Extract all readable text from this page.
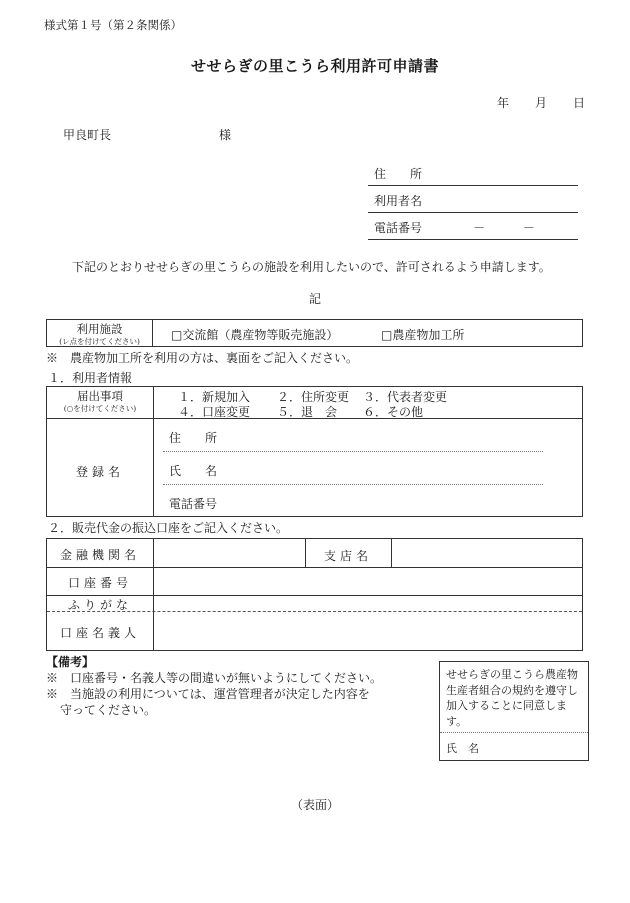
様式第１号（第２条関係）
せせらぎの里こうら利用許可申請書
年 月 日
甲良町長	様
住　　所
利用者名
電話番号	－	－
下記のとおりせせらぎの里こうらの施設を利用したいので、許可されるよう申請します。
記
利用施設
(レ点を付けてください)	□交流館（農産物等販売施設）	□農産物加工所
※　農産物加工所を利用の方は、裏面をご記入ください。
１．利用者情報
届出事項
(○を付けてください)
１．新規加入 ２．住所変更 ３．代表者変更
４．口座変更 ５．退　会 ６．その他
登録名
住　　所
氏　　名
電話番号
２．販売代金の振込口座をご記入ください。
金融機関名	支店名
口座番号
ふりがな
口座名義人
【備考】
※　口座番号・名義人等の間違いが無いようにしてください。
※　当施設の利用については、運営管理者が決定した内容を
守ってください。
せせらぎの里こうら農産物生産者組合の規約を遵守し加入することに同意します。
氏　名
（表面）
